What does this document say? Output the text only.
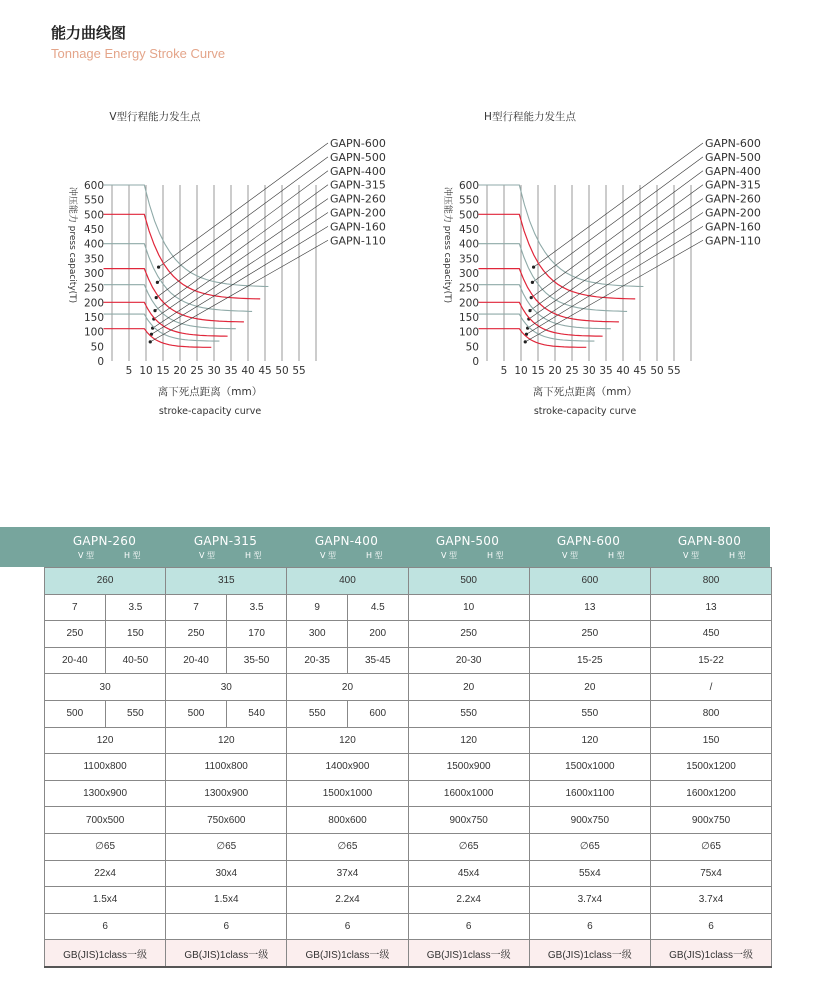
能力曲线图
Tonnage Energy Stroke Curve
V型行程能力发生点
0
50
100
150
200
250
300
350
400
450
500
550
600
5 10 15 20 25 30 35 40 45 50 55
冲压能力 press capacity(T)
离下死点距离（mm）
stroke-capacity curve
GAPN-600
GAPN-500
GAPN-400
GAPN-315
GAPN-260
GAPN-200
GAPN-160
GAPN-110
H型行程能力发生点
0
50
100
150
200
250
300
350
400
450
500
550
600
5 10 15 20 25 30 35 40 45 50 55
冲压能力 press capacity(T)
离下死点距离（mm）
stroke-capacity curve
GAPN-600
GAPN-500
GAPN-400
GAPN-315
GAPN-260
GAPN-200
GAPN-160
GAPN-110
GAPN-260
V 型	H 型
GAPN-315
V 型	H 型
GAPN-400
V 型	H 型
GAPN-500
V 型	H 型
GAPN-600
V 型	H 型
GAPN-800
V 型	H 型
260		315		400		500	600	800
7	3.5	7	3.5	9	4.5	10	13	13
250	150	250	170	300	200	250	250	450
20-40	40-50	20-40	35-50	20-35	35-45	20-30	15-25	15-22
30		30		20		20	20	/
500	550	500	540	550	600	550	550	800
120		120		120		120	120	150
1100x800		1100x800		1400x900		1500x900	1500x1000	1500x1200
1300x900		1300x900		1500x1000		1600x1000	1600x1100	1600x1200
700x500		750x600		800x600		900x750	900x750	900x750
∅65		∅65		∅65		∅65	∅65	∅65
22x4		30x4		37x4		45x4	55x4	75x4
1.5x4		1.5x4		2.2x4		2.2x4	3.7x4	3.7x4
6		6		6		6	6	6
GB(JIS)1class一级		GB(JIS)1class一级		GB(JIS)1class一级		GB(JIS)1class一级	GB(JIS)1class一级	GB(JIS)1class一级
